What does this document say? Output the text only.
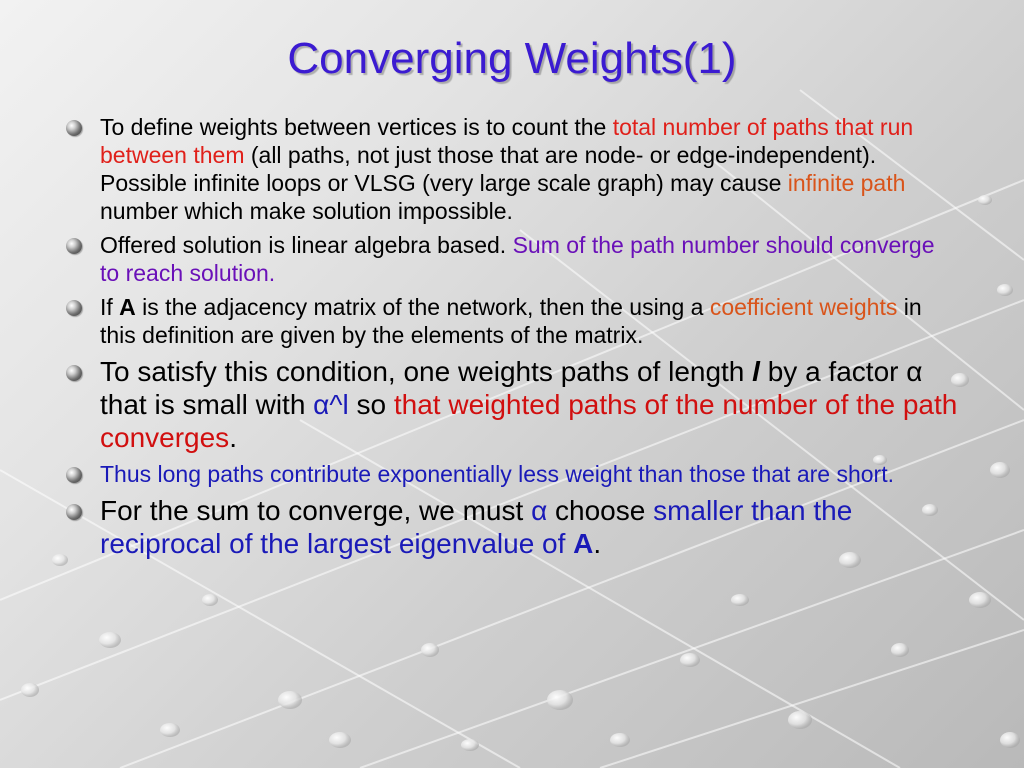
Converging Weights(1)
To define weights between vertices is to count the total number of paths that run between them (all paths, not just those that are node- or edge-independent). Possible infinite loops or VLSG (very large scale graph) may cause infinite path number which make solution impossible.
Offered solution is linear algebra based. Sum of the path number should converge to reach solution.
If A is the adjacency matrix of the network, then the using a coefficient weights in this definition are given by the elements of the matrix.
To satisfy this condition, one weights paths of length l by a factor α that is small with α^l so that weighted paths of the number of the path converges.
Thus long paths contribute exponentially less weight than those that are short.
For the sum to converge, we must α choose smaller than the reciprocal of the largest eigenvalue of A.
